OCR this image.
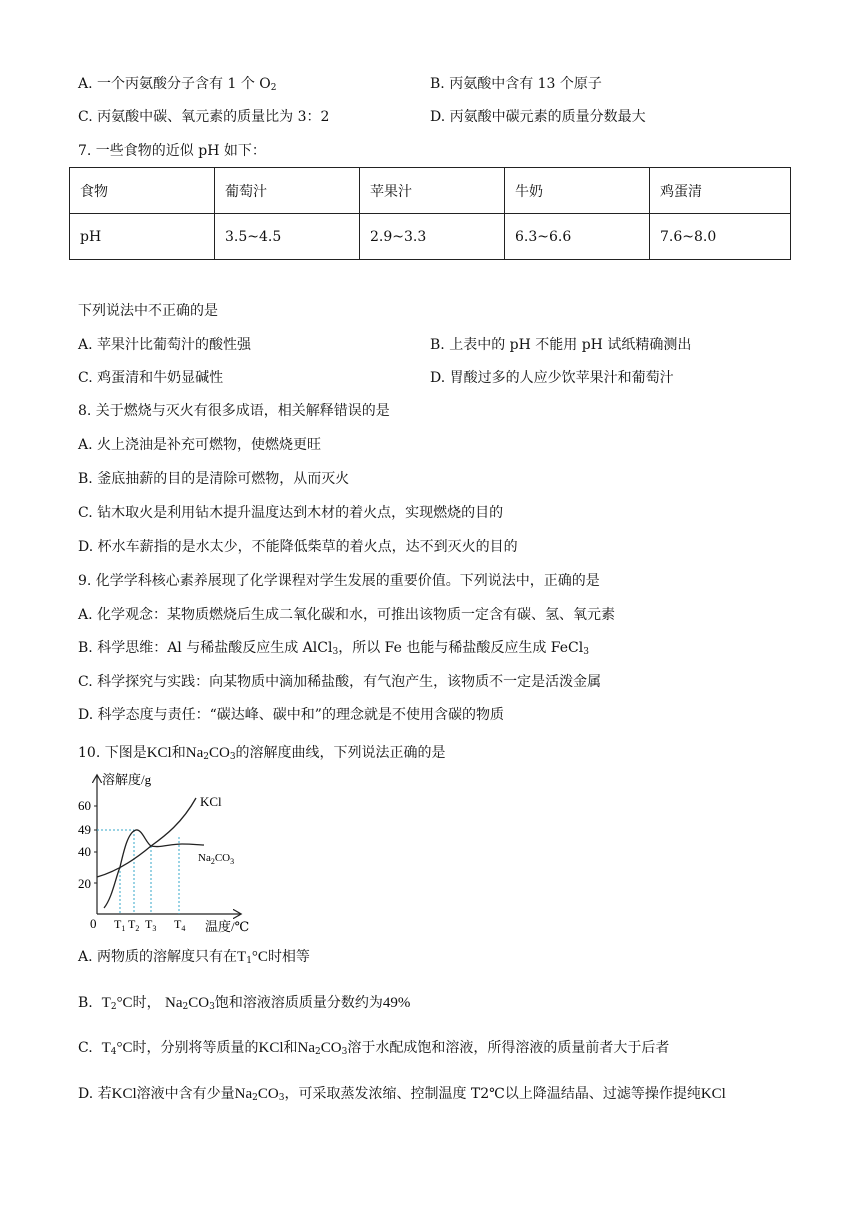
A. 一个丙氨酸分子含有 1 个 $O_2$	B. 丙氨酸中含有 13 个原子
C. 丙氨酸中碳、氧元素的质量比为 3：2	D. 丙氨酸中碳元素的质量分数最大
7. 一些食物的近似 pH 如下：
食物	葡萄汁	苹果汁	牛奶	鸡蛋清
pH	3.5~4.5	2.9~3.3	6.3~6.6	7.6~8.0
下列说法中不正确的是
A. 苹果汁比葡萄汁的酸性强	B. 上表中的 pH 不能用 pH 试纸精确测出
C. 鸡蛋清和牛奶显碱性	D. 胃酸过多的人应少饮苹果汁和葡萄汁
8. 关于燃烧与灭火有很多成语，相关解释错误的是
A. 火上浇油是补充可燃物，使燃烧更旺
B. 釜底抽薪的目的是清除可燃物，从而灭火
C. 钻木取火是利用钻木提升温度达到木材的着火点，实现燃烧的目的
D. 杯水车薪指的是水太少，不能降低柴草的着火点，达不到灭火的目的
9. 化学学科核心素养展现了化学课程对学生发展的重要价值。下列说法中，正确的是
A. 化学观念：某物质燃烧后生成二氧化碳和水，可推出该物质一定含有碳、氢、氧元素
B. 科学思维：Al 与稀盐酸反应生成 AlCl$_3$，所以 Fe 也能与稀盐酸反应生成 FeCl$_3$
C. 科学探究与实践：向某物质中滴加稀盐酸，有气泡产生，该物质不一定是活泼金属
D. 科学态度与责任：“碳达峰、碳中和”的理念就是不使用含碳的物质
10. 下图是KCl和$Na_2CO_3$的溶解度曲线，下列说法正确的是
溶解度/g
温度/℃
20
40
49
60
0 $T_1$ $T_2$ $T_3$ $T_4$
KCl
$Na_2CO_3$
A. 两物质的溶解度只有在$T_1^\circ C$时相等
B. $T_2^\circ C$时， $Na_2CO_3$饱和溶液溶质质量分数约为49%
C. $T_4^\circ C$时，分别将等质量的KCl和$Na_2CO_3$溶于水配成饱和溶液，所得溶液的质量前者大于后者
D. 若KCl溶液中含有少量$Na_2CO_3$，可采取蒸发浓缩、控制温度 T2℃以上降温结晶、过滤等操作提纯KCl
